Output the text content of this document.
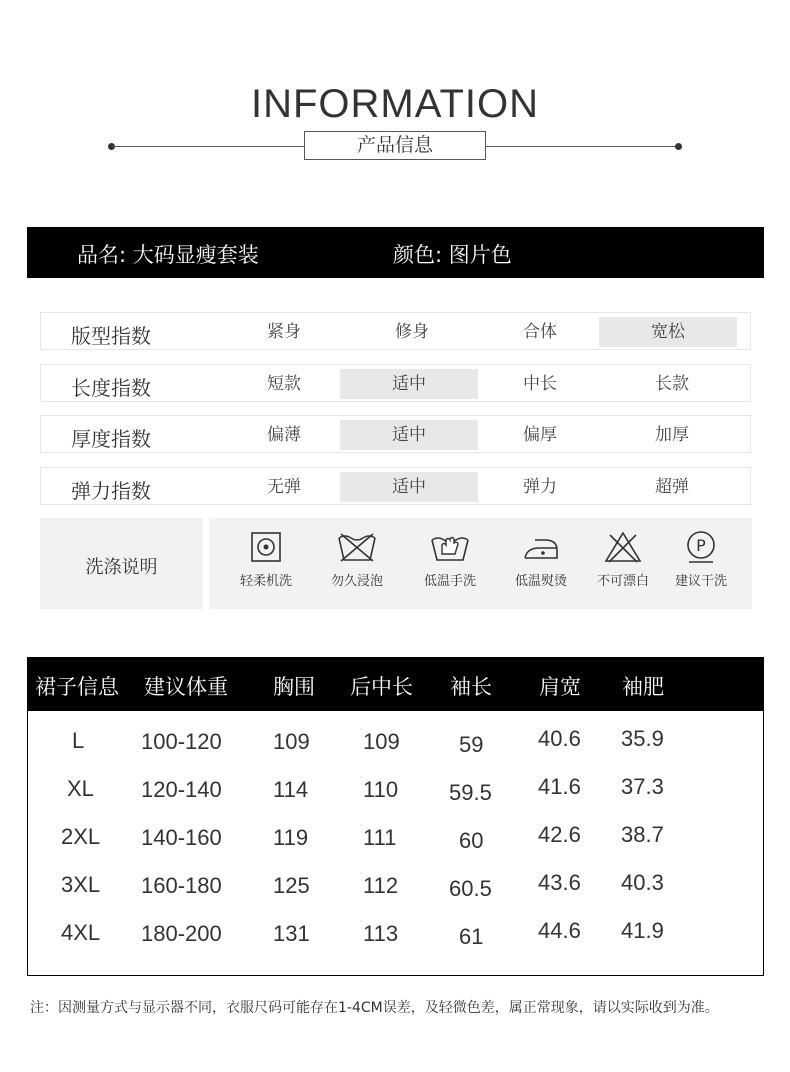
INFORMATION
产品信息
品名: 大码显瘦套装	颜色: 图片色
版型指数	紧身	修身	合体	宽松
长度指数	短款	适中	中长	长款
厚度指数	偏薄	适中	偏厚	加厚
弹力指数	无弹	适中	弹力	超弹
洗涤说明
轻柔机洗	勿久浸泡	低温手洗	低温熨烫	不可漂白
P
建议干洗
裙子信息 建议体重 胸围 后中长 袖长 肩宽 袖肥
L	100-120 109 109	59 40.6 35.9
XL 120-140 114 110 59.5 41.6 37.3
2XL 140-160 119 111	60 42.6 38.7
3XL 160-180 125 112 60.5 43.6 40.3
4XL 180-200 131 113	61 44.6 41.9
注：因测量方式与显示器不同，衣服尺码可能存在1-4CM误差，及轻微色差，属正常现象，请以实际收到为准。
